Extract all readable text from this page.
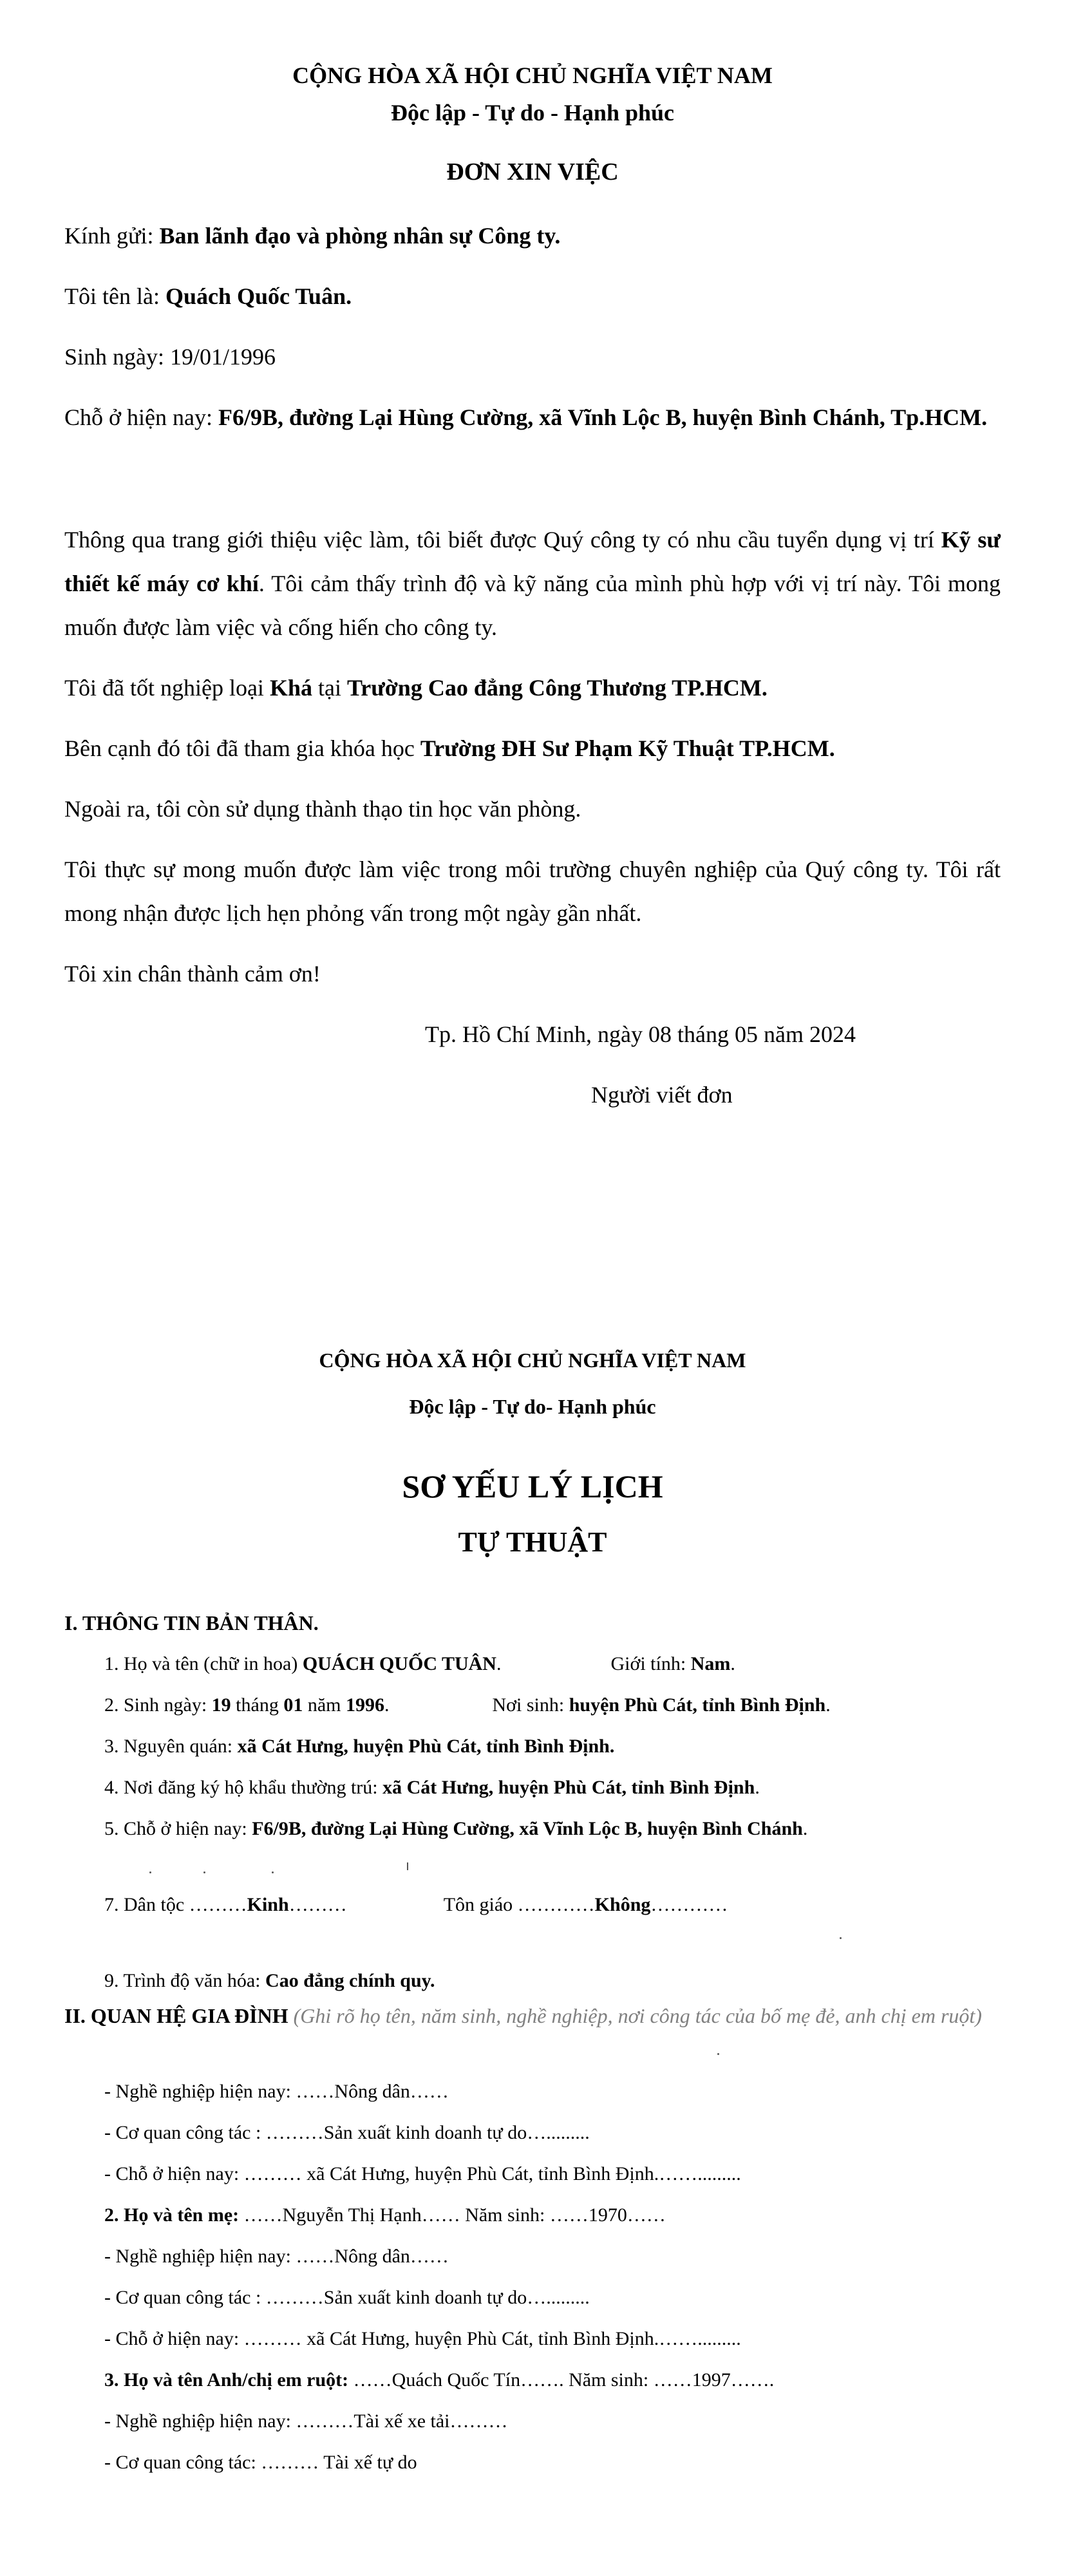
CỘNG HÒA XÃ HỘI CHỦ NGHĨA VIỆT NAM

Độc lập - Tự do - Hạnh phúc

ĐƠN XIN VIỆC

Kính gửi: Ban lãnh đạo và phòng nhân sự Công ty.

Tôi tên là: Quách Quốc Tuân.

Sinh ngày: 19/01/1996

Chỗ ở hiện nay: F6/9B, đường Lại Hùng Cường, xã Vĩnh Lộc B, huyện Bình Chánh, Tp.HCM.

Thông qua trang giới thiệu việc làm, tôi biết được Quý công ty có nhu cầu tuyển dụng vị trí Kỹ sư thiết kế máy cơ khí. Tôi cảm thấy trình độ và kỹ năng của mình phù hợp với vị trí này. Tôi mong muốn được làm việc và cống hiến cho công ty.

Tôi đã tốt nghiệp loại Khá tại Trường Cao đẳng Công Thương TP.HCM.

Bên cạnh đó tôi đã tham gia khóa học Trường ĐH Sư Phạm Kỹ Thuật TP.HCM.

Ngoài ra, tôi còn sử dụng thành thạo tin học văn phòng.

Tôi thực sự mong muốn được làm việc trong môi trường chuyên nghiệp của Quý công ty. Tôi rất mong nhận được lịch hẹn phỏng vấn trong một ngày gần nhất.

Tôi xin chân thành cảm ơn!

Tp. Hồ Chí Minh, ngày 08 tháng 05 năm 2024

Người viết đơn

CỘNG HÒA XÃ HỘI CHỦ NGHĨA VIỆT NAM

Độc lập - Tự do- Hạnh phúc

SƠ YẾU LÝ LỊCH

TỰ THUẬT

I. THÔNG TIN BẢN THÂN.

1. Họ và tên (chữ in hoa) QUÁCH QUỐC TUÂN.	Giới tính: Nam.

2. Sinh ngày: 19 tháng 01 năm 1996.	Nơi sinh: huyện Phù Cát, tỉnh Bình Định.

3. Nguyên quán: xã Cát Hưng, huyện Phù Cát, tỉnh Bình Định.

4. Nơi đăng ký hộ khẩu thường trú: xã Cát Hưng, huyện Phù Cát, tỉnh Bình Định.

5. Chỗ ở hiện nay: F6/9B, đường Lại Hùng Cường, xã Vĩnh Lộc B, huyện Bình Chánh.

7. Dân tộc ………Kinh………	Tôn giáo …………Không…………

9. Trình độ văn hóa: Cao đẳng chính quy.

II. QUAN HỆ GIA ĐÌNH (Ghi rõ họ tên, năm sinh, nghề nghiệp, nơi công tác của bố mẹ đẻ, anh chị em ruột)

- Nghề nghiệp hiện nay: ……Nông dân……

- Cơ quan công tác : ………Sản xuất kinh doanh tự do….........

- Chỗ ở hiện nay: ……… xã Cát Hưng, huyện Phù Cát, tỉnh Bình Định.…….........

2. Họ và tên mẹ: ……Nguyễn Thị Hạnh…… Năm sinh: ……1970……

- Nghề nghiệp hiện nay: ……Nông dân……

- Cơ quan công tác : ………Sản xuất kinh doanh tự do….........

- Chỗ ở hiện nay: ……… xã Cát Hưng, huyện Phù Cát, tỉnh Bình Định.…….........

3. Họ và tên Anh/chị em ruột: ……Quách Quốc Tín……. Năm sinh: ……1997…….

- Nghề nghiệp hiện nay: ………Tài xế xe tải………

- Cơ quan công tác: ……… Tài xế tự do
